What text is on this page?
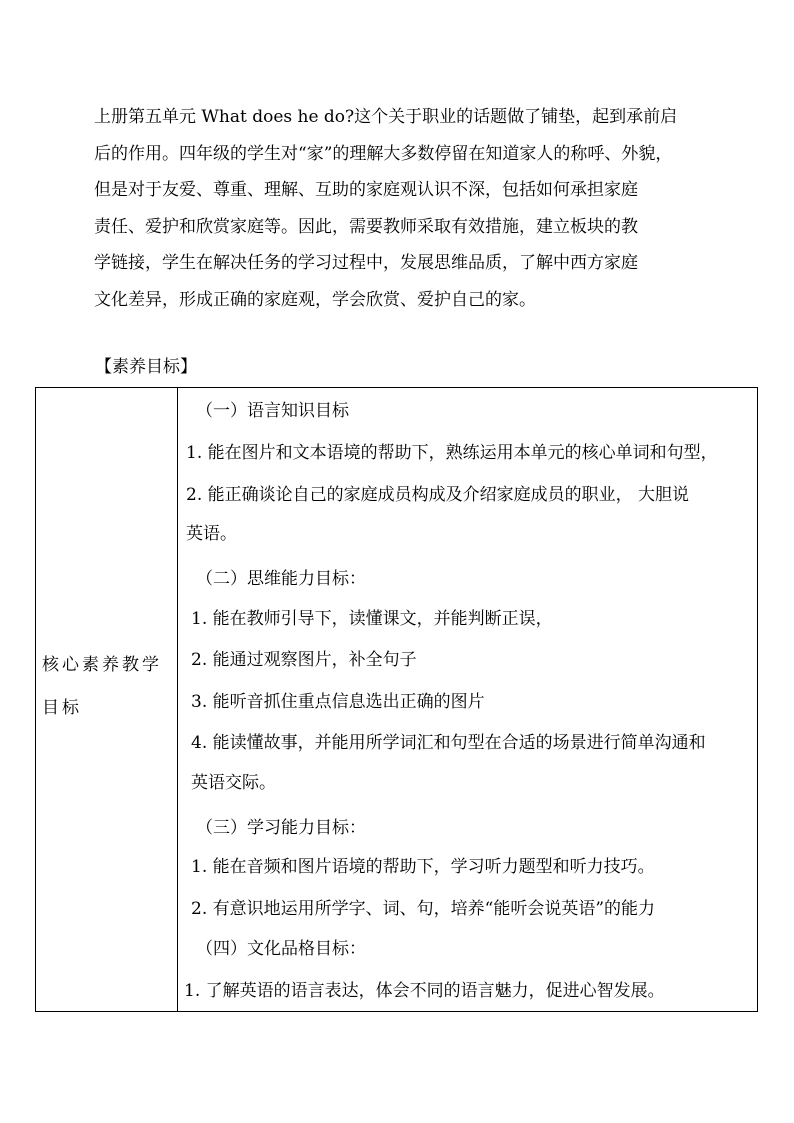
上册第五单元 What does he do?这个关于职业的话题做了铺垫，起到承前启
后的作用。四年级的学生对“家”的理解大多数停留在知道家人的称呼、外貌，
但是对于友爱、尊重、理解、互助的家庭观认识不深，包括如何承担家庭
责任、爱护和欣赏家庭等。因此，需要教师采取有效措施，建立板块的教
学链接，学生在解决任务的学习过程中，发展思维品质，了解中西方家庭
文化差异，形成正确的家庭观，学会欣赏、爱护自己的家。

【素养目标】

核心素养教学
目标

（一）语言知识目标

1. 能在图片和文本语境的帮助下，熟练运用本单元的核心单词和句型，

2. 能正确谈论自己的家庭成员构成及介绍家庭成员的职业， 大胆说

英语。

（二）思维能力目标：

1. 能在教师引导下，读懂课文，并能判断正误，

2. 能通过观察图片，补全句子

3. 能听音抓住重点信息选出正确的图片

4. 能读懂故事，并能用所学词汇和句型在合适的场景进行简单沟通和

英语交际。

（三）学习能力目标：

1. 能在音频和图片语境的帮助下，学习听力题型和听力技巧。

2. 有意识地运用所学字、词、句，培养“能听会说英语”的能力

（四）文化品格目标：

1. 了解英语的语言表达，体会不同的语言魅力，促进心智发展。
